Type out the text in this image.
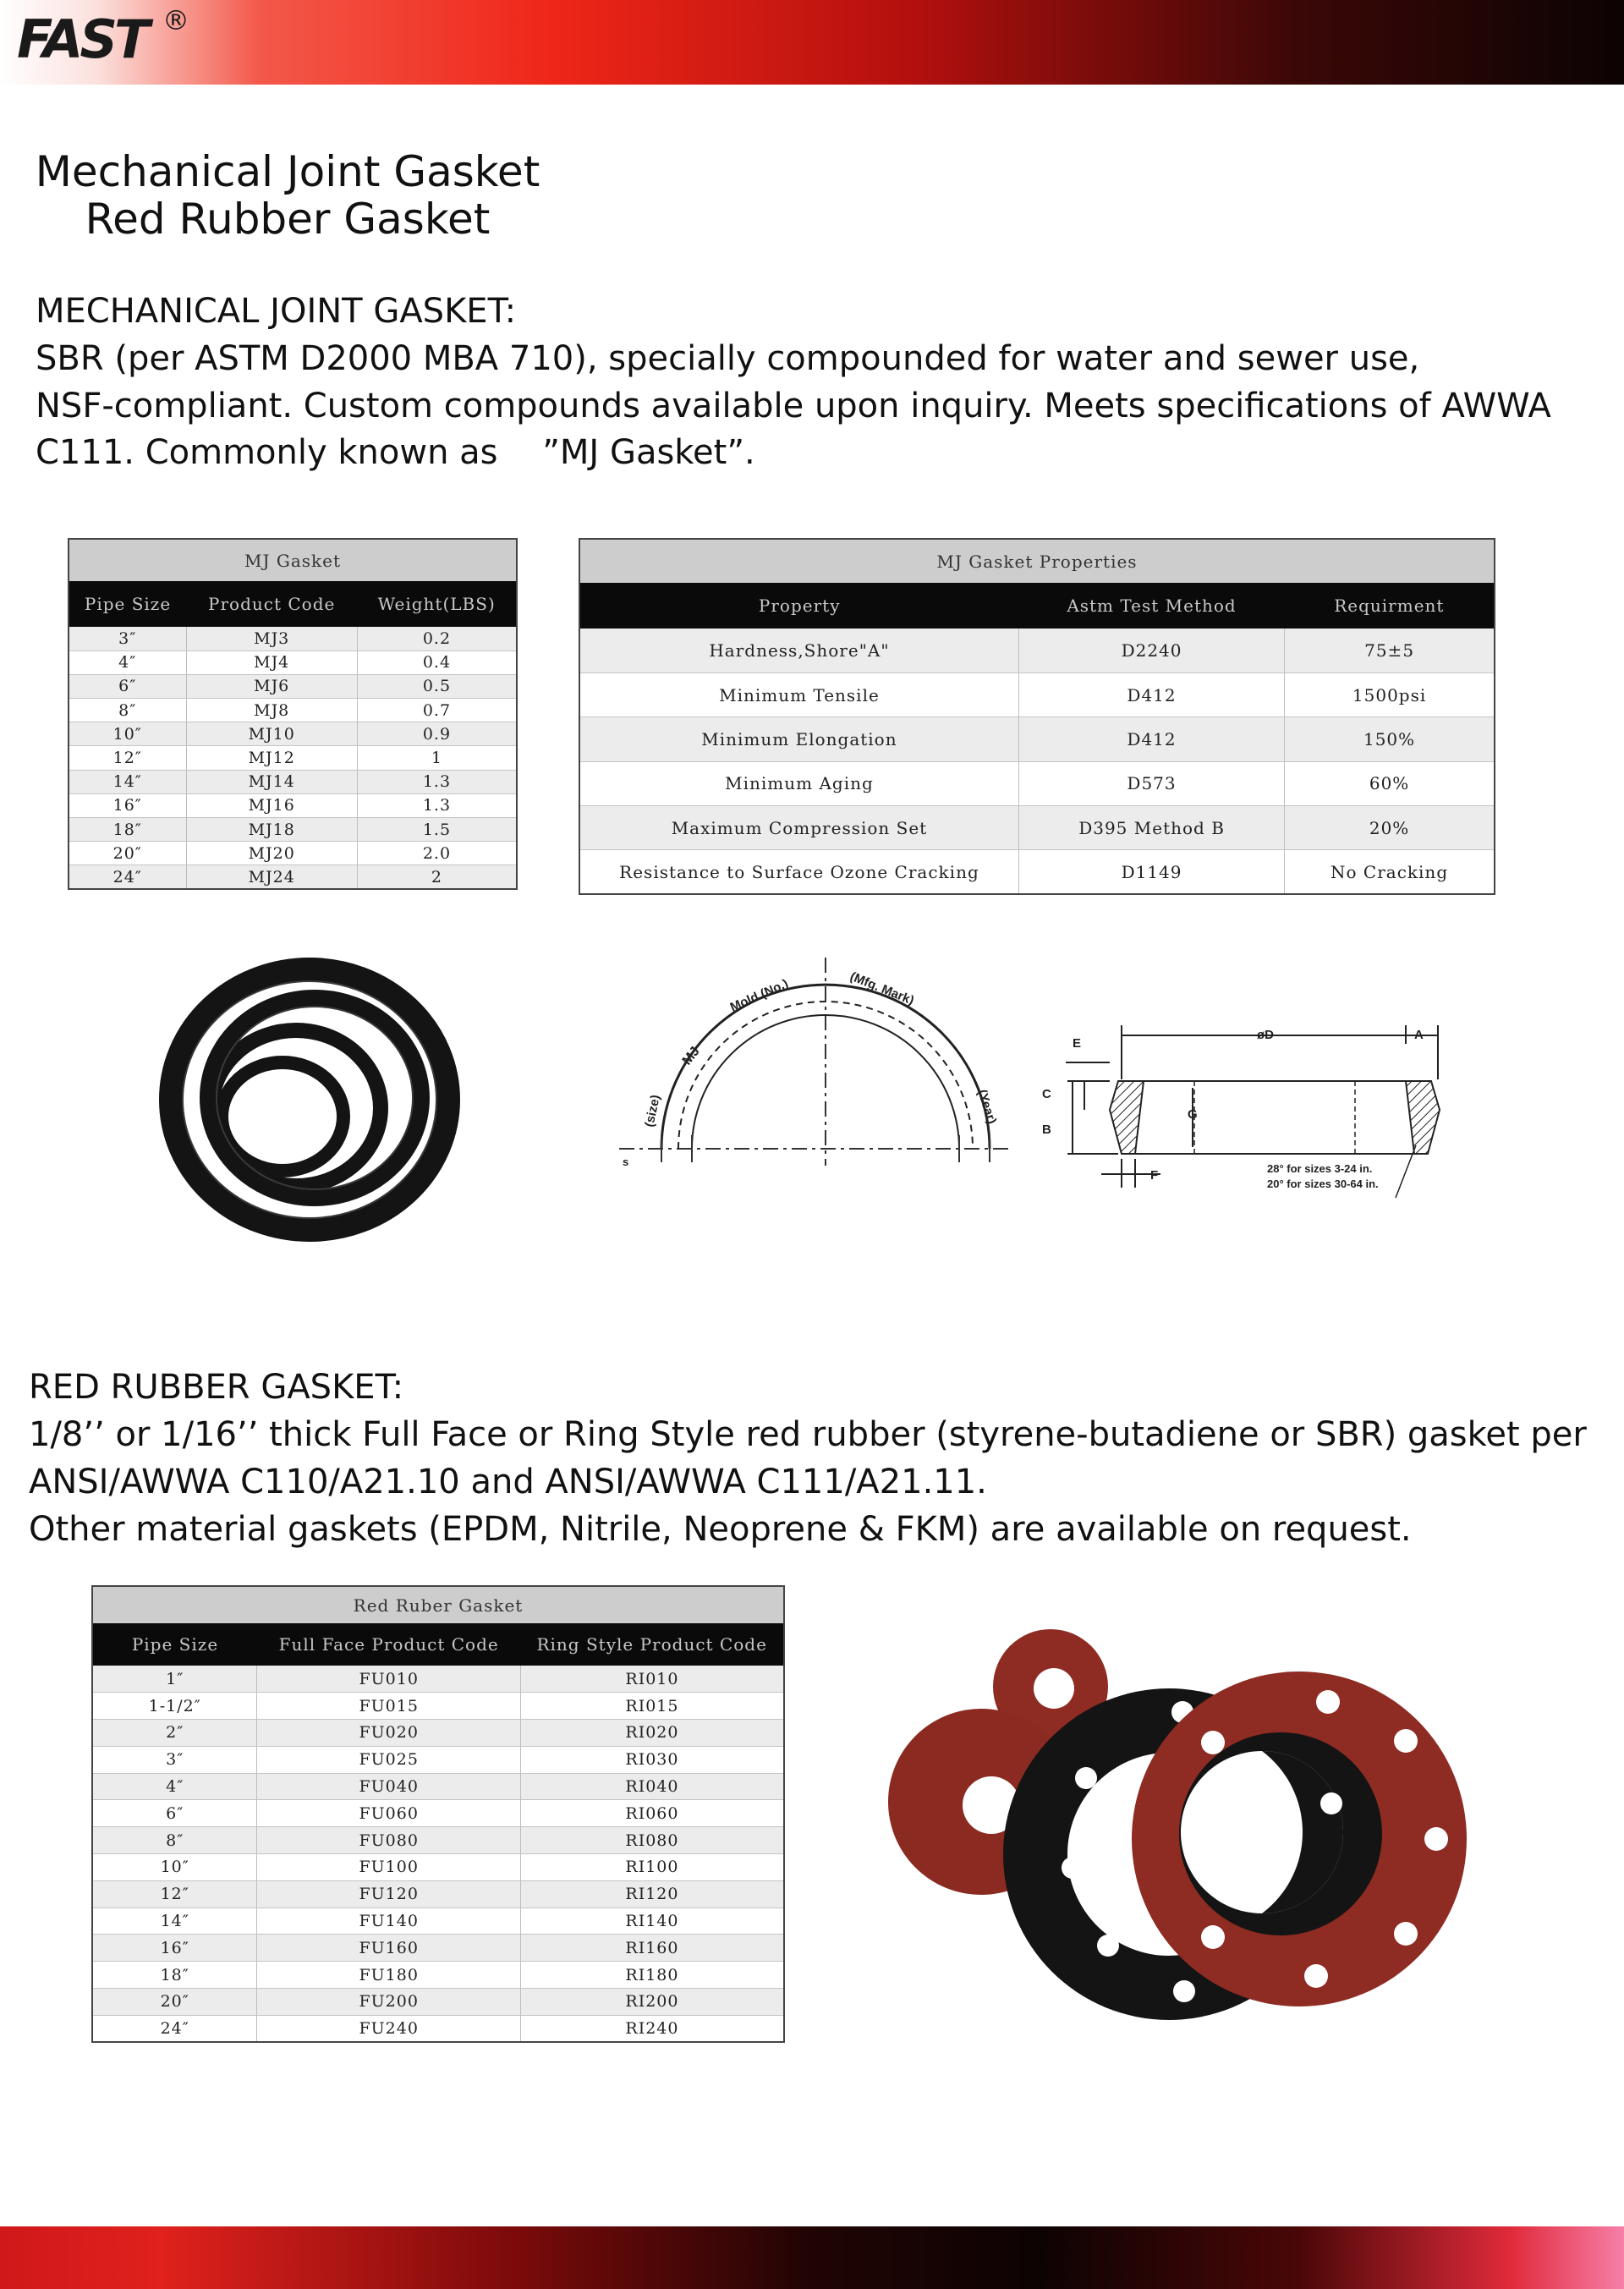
FAST ®
Mechanical Joint Gasket
Red Rubber Gasket
MECHANICAL JOINT GASKET:
SBR (per ASTM D2000 MBA 710), specially compounded for water and sewer use,
NSF-compliant. Custom compounds available upon inquiry. Meets specifications of AWWA
C111. Commonly known as 　”MJ Gasket”.
MJ Gasket		
Pipe Size	Product Code	Weight(LBS)
3″	MJ3	0.2
4″	MJ4	0.4
6″	MJ6	0.5
8″	MJ8	0.7
10″	MJ10	0.9
12″	MJ12	1
14″	MJ14	1.3
16″	MJ16	1.3
18″	MJ18	1.5
20″	MJ20	2.0
24″	MJ24	2
MJ Gasket Properties		
Property	Astm Test Method	Requirment
Hardness,Shore"A"	D2240	75±5
Minimum Tensile	D412	1500psi
Minimum Elongation	D412	150%
Minimum Aging	D573	60%
Maximum Compression Set	D395 Method B	20%
Resistance to Surface Ozone Cracking	D1149	No Cracking
(size)
MJ
Mold (No.)	(Mfg. Mark)
(Year)
s
E
øD	A
C
B
G
F	28° for sizes 3-24 in.
20° for sizes 30-64 in.
RED RUBBER GASKET:
1/8’’ or 1/16’’ thick Full Face or Ring Style red rubber (styrene-butadiene or SBR) gasket per
ANSI/AWWA C110/A21.10 and ANSI/AWWA C111/A21.11.
Other material gaskets (EPDM, Nitrile, Neoprene & FKM) are available on request.
Red Ruber Gasket		
Pipe Size	Full Face Product Code	Ring Style Product Code
1″	FU010	RI010
1-1/2″	FU015	RI015
2″	FU020	RI020
3″	FU025	RI030
4″	FU040	RI040
6″	FU060	RI060
8″	FU080	RI080
10″	FU100	RI100
12″	FU120	RI120
14″	FU140	RI140
16″	FU160	RI160
18″	FU180	RI180
20″	FU200	RI200
24″	FU240	RI240
